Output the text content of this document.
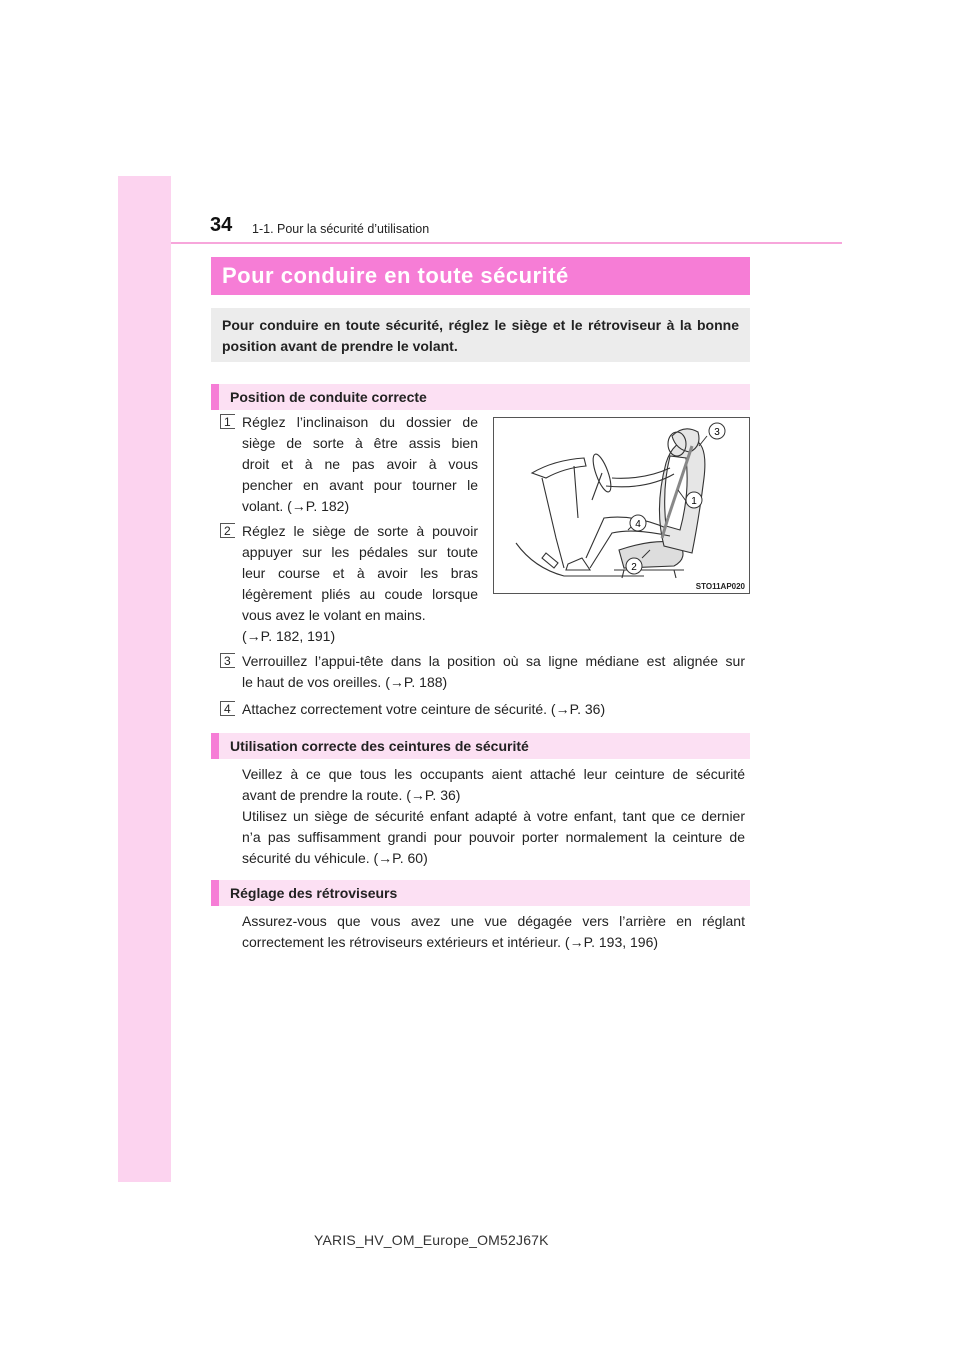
34 1-1. Pour la sécurité d’utilisation
Pour conduire en toute sécurité
Pour conduire en toute sécurité, réglez le siège et le rétroviseur à la bonne position avant de prendre le volant.
Position de conduite correcte
1 Réglez l’inclinaison du dossier de
siège de sorte à être assis bien
droit et à ne pas avoir à vous
pencher en avant pour tourner le
volant. (→P. 182)
2 Réglez le siège de sorte à pouvoir
appuyer sur les pédales sur toute
leur course et à avoir les bras
légèrement pliés au coude lorsque
vous avez le volant en mains.
(→P. 182, 191)
3 Verrouillez l’appui-tête dans la position où sa ligne médiane est alignée sur
le haut de vos oreilles. (→P. 188)
4 Attachez correctement votre ceinture de sécurité. (→P. 36)
3
1
4
2
STO11AP020
Utilisation correcte des ceintures de sécurité
Veillez à ce que tous les occupants aient attaché leur ceinture de sécurité
avant de prendre la route. (→P. 36)
Utilisez un siège de sécurité enfant adapté à votre enfant, tant que ce dernier
n’a pas suffisamment grandi pour pouvoir porter normalement la ceinture de
sécurité du véhicule. (→P. 60)
Réglage des rétroviseurs
Assurez-vous que vous avez une vue dégagée vers l’arrière en réglant
correctement les rétroviseurs extérieurs et intérieur. (→P. 193, 196)
YARIS_HV_OM_Europe_OM52J67K
